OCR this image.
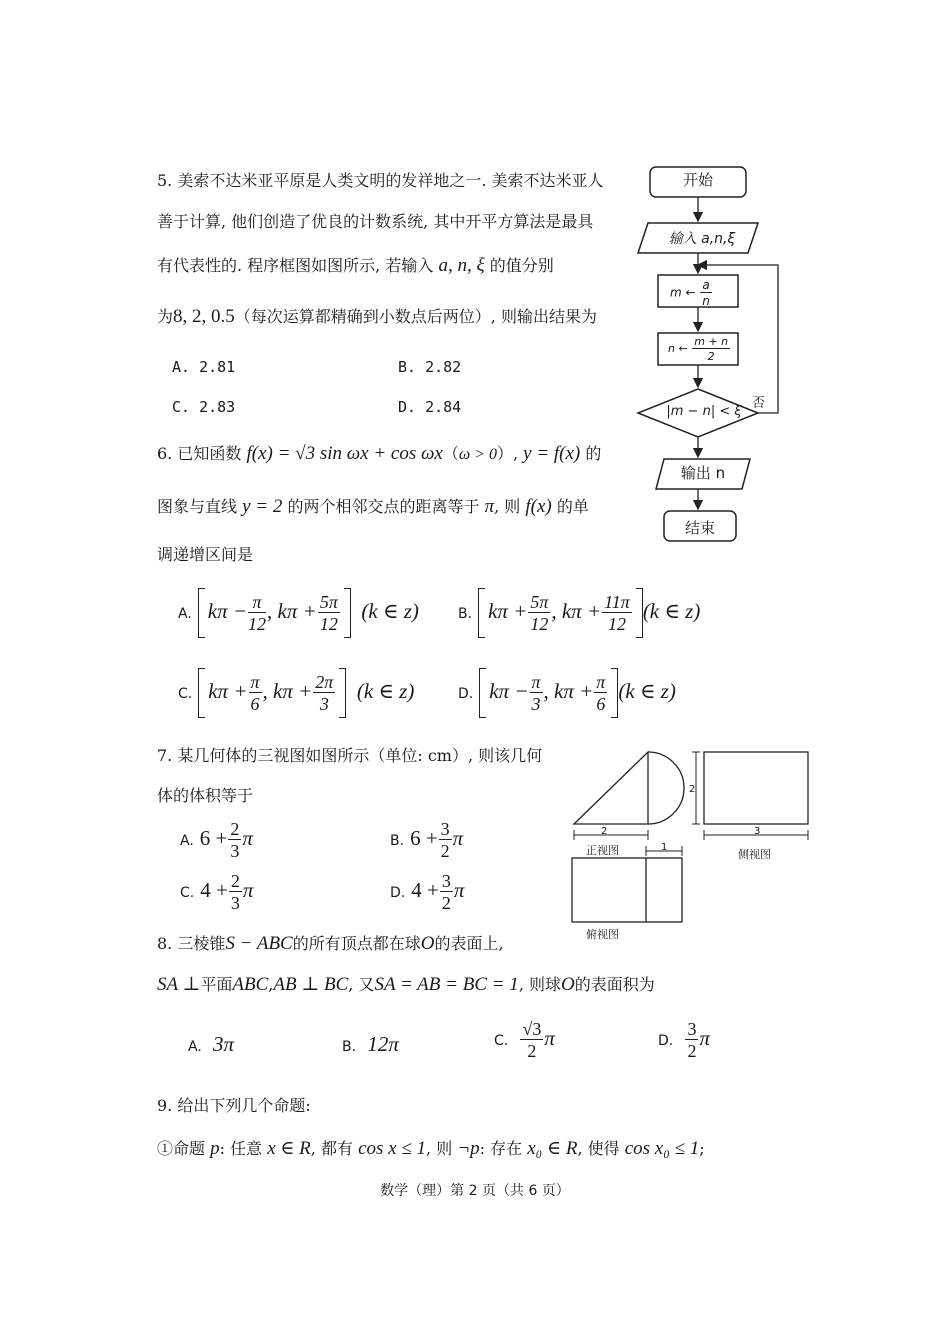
5. 美索不达米亚平原是人类文明的发祥地之一. 美索不达米亚人
善于计算, 他们创造了优良的计数系统, 其中开平方算法是最具
有代表性的. 程序框图如图所示, 若输入 a, n, ξ 的值分别
为8, 2, 0.5（每次运算都精确到小数点后两位）, 则输出结果为
A. 2.81	B. 2.82
C. 2.83	D. 2.84
开始
输入 a,n,ξ
m ← $\frac{a}{n}$
n ← $\frac{m + n}{2}$
|m − n| < ξ
否
输出 n
结束
6. 已知函数 f(x) = √3 sin ωx + cos ωx（ω > 0）, y = f(x) 的
图象与直线 y = 2 的两个相邻交点的距离等于 π, 则 f(x) 的单
调递增区间是
A. $k\pi - \frac{\pi}{12}$ , $k\pi + \frac{5\pi}{12} (k$ ∈ z)	B. $k\pi + \frac{5\pi}{12}$ , $k\pi + \frac{11\pi}{12} (k$ ∈ z)
C. $k\pi + \frac{\pi}{6}$ , $k\pi + \frac{2\pi}{3} (k$ ∈ z)	D. $k\pi - \frac{\pi}{3}$ , $k\pi + \frac{\pi}{6} (k$ ∈ z)
7. 某几何体的三视图如图所示（单位: cm）, 则该几何
体的体积等于
A. $6 + \frac{2}{3}$ π	B. $6 + \frac{3}{2}$ π
C. $4 + \frac{2}{3}$ π	D. $4 + \frac{3}{2}$ π
2
正视图
2
3
侧视图
1
俯视图
8. 三棱锥S − ABC的所有顶点都在球O的表面上,
SA ⊥平面ABC,AB ⊥ BC, 又SA = AB = BC = 1, 则球O的表面积为
A. 3π	B. 12π	C. $\frac{√3}{2}$ π	D. $\frac{3}{2}$ π
9. 给出下列几个命题:
①命题 p: 任意 x ∈ R, 都有 cos x ≤ 1, 则 ¬p: 存在 x₀ ∈ R, 使得 cos x₀ ≤ 1;
数学（理）第 2 页（共 6 页）
